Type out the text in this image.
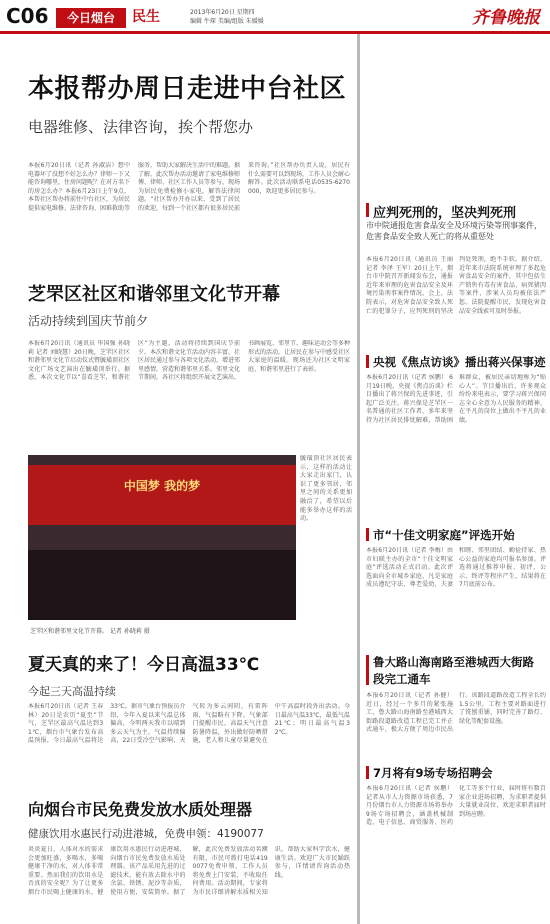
C06	今日烟台	民生	2013年6月20日 星期四
编辑 牛琛 美编/组版 朱媛媛	齐鲁晚报
本报帮办周日走进中台社区
电器维修、法律咨询，挨个帮您办
本报6月20日讯（记者 孙淑洁）想中电器坏了没想不好怎么办？律师一下又能咨询哪里，住房问题呢？在对方名下的房怎么办？本报6月23日上午9点，本帮社区帮办将前往中台社区，为居民提供家电维修、法律咨询、困难救助等服务，帮助大家解决生活中的难题。据了解，此次帮办活动邀请了家电维修师傅、律师、社区工作人员等参与，现场为居民免费检修小家电，解答法律问题。“社区帮办开办以来，受到了居民的欢迎，每到一个社区都有很多居民前来咨询。”社区帮办负责人说，居民有什么需要可以到现场，工作人员会耐心解答。此次活动联系电话0535-6270000，欢迎更多居民参与。
芝罘区社区和谐邻里文化节开幕
活动持续到国庆节前夕
本报6月20日讯（通讯员 毕国强 孙晓莉 记者 刘晓慧）20日晚，芝罘区社区和谐邻里文化节启动仪式暨毓璜顶社区文化广场文艺演出在毓璜顶举行。据悉，本次文化节以“喜看芝罘，和谐社区”为主题，活动将持续到国庆节前夕。本次和谐文化节活动内容丰富，社区居民通过参与各项文化活动，增进邻里感情，营造和谐邻里关系。邻里文化节期间，各社区将组织开展文艺演出、书画展览、邻里节、趣味运动会等多种形式的活动，让居民在参与中感受社区大家庭的温暖。现场还为社区文明家庭、和谐邻里进行了表彰。
中国梦 我的梦
芝罘区和谐邻里文化节开幕。 记者 孙晓莉 摄
毓璜顶社区居民表示，这样的活动让大家走出家门，认识了更多邻居，邻里之间的关系更加融洽了，希望以后能多举办这样的活动。
夏天真的来了！今日高温33℃
今起三天高温持续
本报6月20日讯（记者 王春林）20日是农历“夏至”节气，芝罘区最高气温达到31℃，烟台市气象台发布高温预报，今日最高气温将达33℃。据市气象台预报员介绍，今年入夏以来气温总体偏高，今明两天我市以晴到多云天气为主，气温持续偏高，22日受冷空气影响，天气转为多云间阴，有雷阵雨，气温略有下降。气象部门提醒市民，高温天气注意防暑降温，外出做好防晒措施，老人和儿童尽量避免在中午高温时段外出活动。今日最高气温33℃，最低气温21℃；明日最高气温32℃。
向烟台市民免费发放水质处理器
健康饮用水惠民行动进港城，免费申领：4190077
炎炎夏日，人体对水的需求会更加旺盛，多喝水，多喝健康干净的水，对人体非常重要。然而我们的饮用水是否真的安全呢？为了让更多烟台市民喝上健康的水，健康饮用水惠民行动进港城，向烟台市民免费发放水质处理器。该产品采用先进的过滤技术，能有效去除水中的余氯、铁锈、泥沙等杂质，使用方便，安装简单。据了解，此次免费发放活动名额有限，市民可拨打电话4190077免费申领，工作人员将免费上门安装，不收取任何费用。活动期间，专家将为市民详细讲解水质相关知识，帮助大家科学饮水，健康生活。欢迎广大市民踊跃参与，详情请咨询活动热线。
应判死刑的，坚决判死刑
市中院通报危害食品安全及环境污染等刑事案件，危害食品安全致人死亡的将从重惩处
本报6月20日讯（通讯员 王丽 记者 李泽 王军）20日上午，烟台市中院召开新闻发布会，通报近年来审理的危害食品安全及环境污染刑事案件情况。会上，法院表示，对危害食品安全致人死亡的犯罪分子，应判死刑的坚决判处死刑，绝不手软。据介绍，近年来市法院系统审理了多起危害食品安全的案件，其中包括生产销售有毒有害食品、病死猪肉等案件，涉案人员均被依法严惩。法院提醒市民，发现危害食品安全线索可及时举报。
央视《焦点访谈》播出蒋兴保事迹
本报6月20日讯（记者 侯鹏） 6月19日晚，央视《焦点访谈》栏目播出了蒋兴保的先进事迹，引起广泛关注。蒋兴保是芝罘区一名普通的社区工作者，多年来坚持为社区居民排忧解难，帮助困难群众，被居民亲切地称为“贴心人”。节目播出后，许多观众纷纷来电表示，要学习蒋兴保同志全心全意为人民服务的精神，在平凡的岗位上做出不平凡的业绩。
市“十佳文明家庭”评选开始
本报6月20日讯（记者 李梅）由市妇联主办的全市“十佳文明家庭”评选活动正式启动。此次评选面向全市城乡家庭，凡是家庭成员遵纪守法、尊老爱幼、夫妻和睦、邻里团结、勤俭持家、热心公益的家庭均可报名参加。评选将通过推荐申报、初评、公示、终评等程序产生，结果将在7月底前公布。
鲁大路山海南路至港城西大街路段完工通车
本报6月20日讯（记者 孙健） 近日，经过一个多月的紧张施工，鲁大路山海南路至港城西大街路段道路改造工程已完工并正式通车，极大方便了周边市民出行。该路段道路改造工程全长约1.5公里，工程主要对路面进行了铣刨重铺，同时完善了路灯、绿化等配套设施。
7月将有9场专场招聘会
本报6月20日讯（记者 侯鹏） 记者从市人力资源市场获悉，7月份烟台市人力资源市场将举办9场专场招聘会，涵盖机械制造、电子信息、商贸服务、医药化工等多个行业，届时将有数百家企业进场招聘，为求职者提供大量就业岗位，欢迎求职者届时到场应聘。
